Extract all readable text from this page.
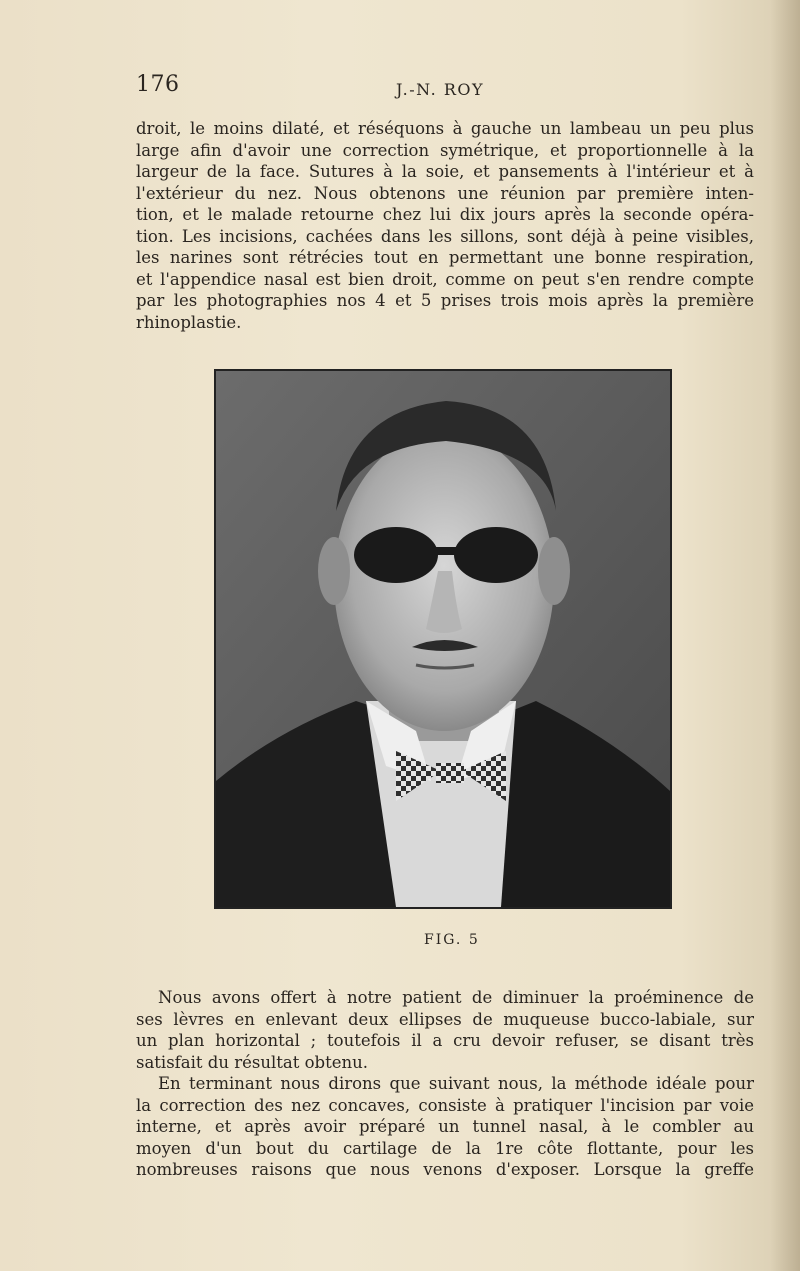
176	J.-N. ROY
droit, le moins dilaté, et réséquons à gauche un lambeau un peu plus
large afin d'avoir une correction symétrique, et proportionnelle à la
largeur de la face. Sutures à la soie, et pansements à l'intérieur et à
l'extérieur du nez. Nous obtenons une réunion par première inten-
tion, et le malade retourne chez lui dix jours après la seconde opéra-
tion. Les incisions, cachées dans les sillons, sont déjà à peine visibles,
les narines sont rétrécies tout en permettant une bonne respiration,
et l'appendice nasal est bien droit, comme on peut s'en rendre compte
par les photographies nos 4 et 5 prises trois mois après la première
rhinoplastie.
FIG. 5
Nous avons offert à notre patient de diminuer la proéminence de
ses lèvres en enlevant deux ellipses de muqueuse bucco-labiale, sur
un plan horizontal ; toutefois il a cru devoir refuser, se disant très
satisfait du résultat obtenu.
En terminant nous dirons que suivant nous, la méthode idéale pour
la correction des nez concaves, consiste à pratiquer l'incision par voie
interne, et après avoir préparé un tunnel nasal, à le combler au
moyen d'un bout du cartilage de la 1re côte flottante, pour les
nombreuses raisons que nous venons d'exposer. Lorsque la greffe
